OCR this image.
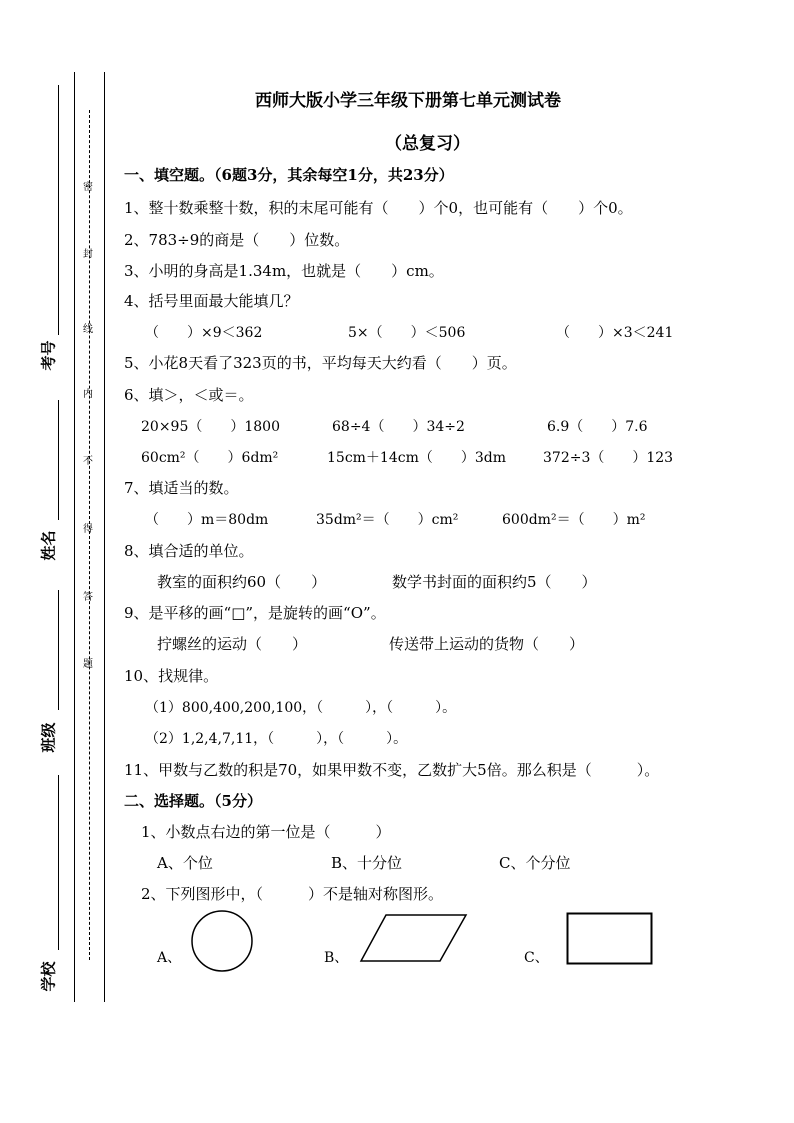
考号
姓名
班级
学校
密
封
线
内
不
得
答
题
西师大版小学三年级下册第七单元测试卷
（总复习）
一、填空题。（6题3分，其余每空1分，共23分）
1、整十数乘整十数，积的末尾可能有（　　）个0，也可能有（　　）个0。
2、783÷9的商是（　　）位数。
3、小明的身高是1.34m，也就是（　　）cm。
4、括号里面最大能填几？
（　　）×9＜362	5×（　　）＜506	（　　）×3＜241
5、小花8天看了323页的书，平均每天大约看（　　）页。
6、填＞，＜或＝。
20×95（　　）1800	68÷4（　　）34÷2	6.9（　　）7.6
60cm²（　　）6dm²	15cm＋14cm（　　）3dm	372÷3（　　）123
7、填适当的数。
（　　）m＝80dm	35dm²＝（　　）cm²	600dm²＝（　　）m²
8、填合适的单位。
教室的面积约60（　　）	数学书封面的面积约5（　　）
9、是平移的画“□”，是旋转的画“O”。
拧螺丝的运动（　　）	传送带上运动的货物（　　）
10、找规律。
（1）800,400,200,100，（　　　），（　　　）。
（2）1,2,4,7,11，（　　　），（　　　）。
11、甲数与乙数的积是70，如果甲数不变，乙数扩大5倍。那么积是（　　　）。
二、选择题。（5分）
1、小数点右边的第一位是（　　　）
A、个位	B、十分位	C、个分位
2、下列图形中，（　　　）不是轴对称图形。
A、	B、	C、
